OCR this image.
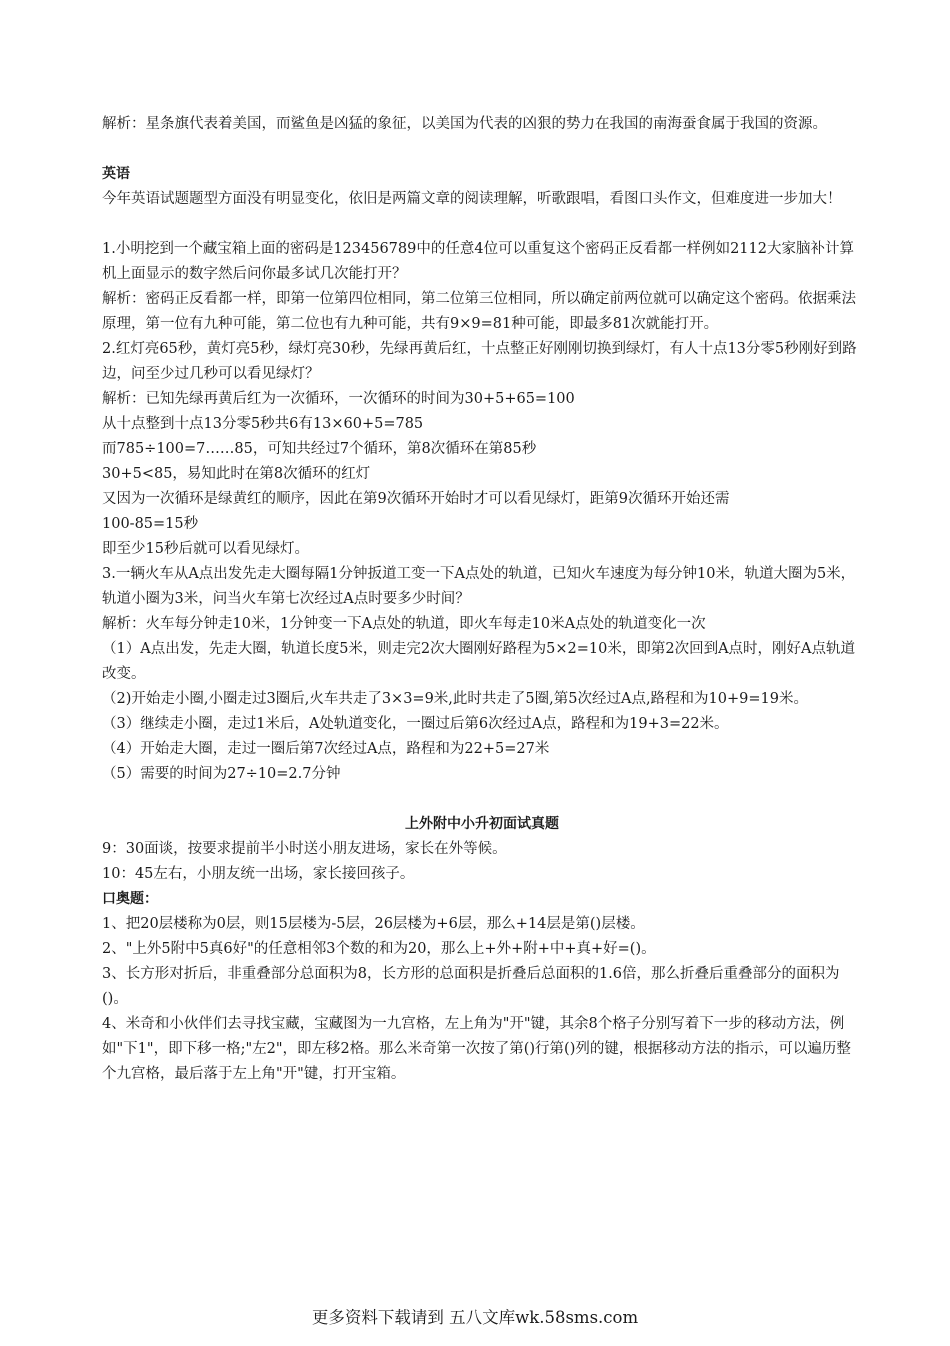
解析：星条旗代表着美国，而鲨鱼是凶猛的象征，以美国为代表的凶狠的势力在我国的南海蚕食属于我国的资源。

英语

今年英语试题题型方面没有明显变化，依旧是两篇文章的阅读理解，听歌跟唱，看图口头作文，但难度进一步加大！

1.小明挖到一个藏宝箱上面的密码是123456789中的任意4位可以重复这个密码正反看都一样例如2112大家脑补计算机上面显示的数字然后问你最多试几次能打开？

解析：密码正反看都一样，即第一位第四位相同，第二位第三位相同，所以确定前两位就可以确定这个密码。依据乘法原理，第一位有九种可能，第二位也有九种可能，共有9×9=81种可能，即最多81次就能打开。

2.红灯亮65秒，黄灯亮5秒，绿灯亮30秒，先绿再黄后红，十点整正好刚刚切换到绿灯，有人十点13分零5秒刚好到路边，问至少过几秒可以看见绿灯？

解析：已知先绿再黄后红为一次循环，一次循环的时间为30+5+65=100

从十点整到十点13分零5秒共6有13×60+5=785

而785÷100=7……85，可知共经过7个循环，第8次循环在第85秒

30+5<85，易知此时在第8次循环的红灯

又因为一次循环是绿黄红的顺序，因此在第9次循环开始时才可以看见绿灯，距第9次循环开始还需

100-85=15秒

即至少15秒后就可以看见绿灯。

3.一辆火车从A点出发先走大圈每隔1分钟扳道工变一下A点处的轨道，已知火车速度为每分钟10米，轨道大圈为5米，轨道小圈为3米，问当火车第七次经过A点时要多少时间？

解析：火车每分钟走10米，1分钟变一下A点处的轨道，即火车每走10米A点处的轨道变化一次

（1）A点出发，先走大圈，轨道长度5米，则走完2次大圈刚好路程为5×2=10米，即第2次回到A点时，刚好A点轨道改变。

（2)开始走小圈,小圈走过3圈后,火车共走了3×3=9米,此时共走了5圈,第5次经过A点,路程和为10+9=19米。

（3）继续走小圈，走过1米后，A处轨道变化，一圈过后第6次经过A点，路程和为19+3=22米。

（4）开始走大圈，走过一圈后第7次经过A点，路程和为22+5=27米

（5）需要的时间为27÷10=2.7分钟

上外附中小升初面试真题

9：30面谈，按要求提前半小时送小朋友进场，家长在外等候。

10：45左右，小朋友统一出场，家长接回孩子。

口奥题：

1、把20层楼称为0层，则15层楼为-5层，26层楼为+6层，那么+14层是第()层楼。

2、"上外5附中5真6好"的任意相邻3个数的和为20，那么上+外+附+中+真+好=()。

3、长方形对折后，非重叠部分总面积为8，长方形的总面积是折叠后总面积的1.6倍，那么折叠后重叠部分的面积为()。

4、米奇和小伙伴们去寻找宝藏，宝藏图为一九宫格，左上角为"开"键，其余8个格子分别写着下一步的移动方法，例如"下1"，即下移一格;"左2"，即左移2格。那么米奇第一次按了第()行第()列的键，根据移动方法的指示，可以遍历整个九宫格，最后落于左上角"开"键，打开宝箱。

更多资料下载请到 五八文库wk.58sms.com
